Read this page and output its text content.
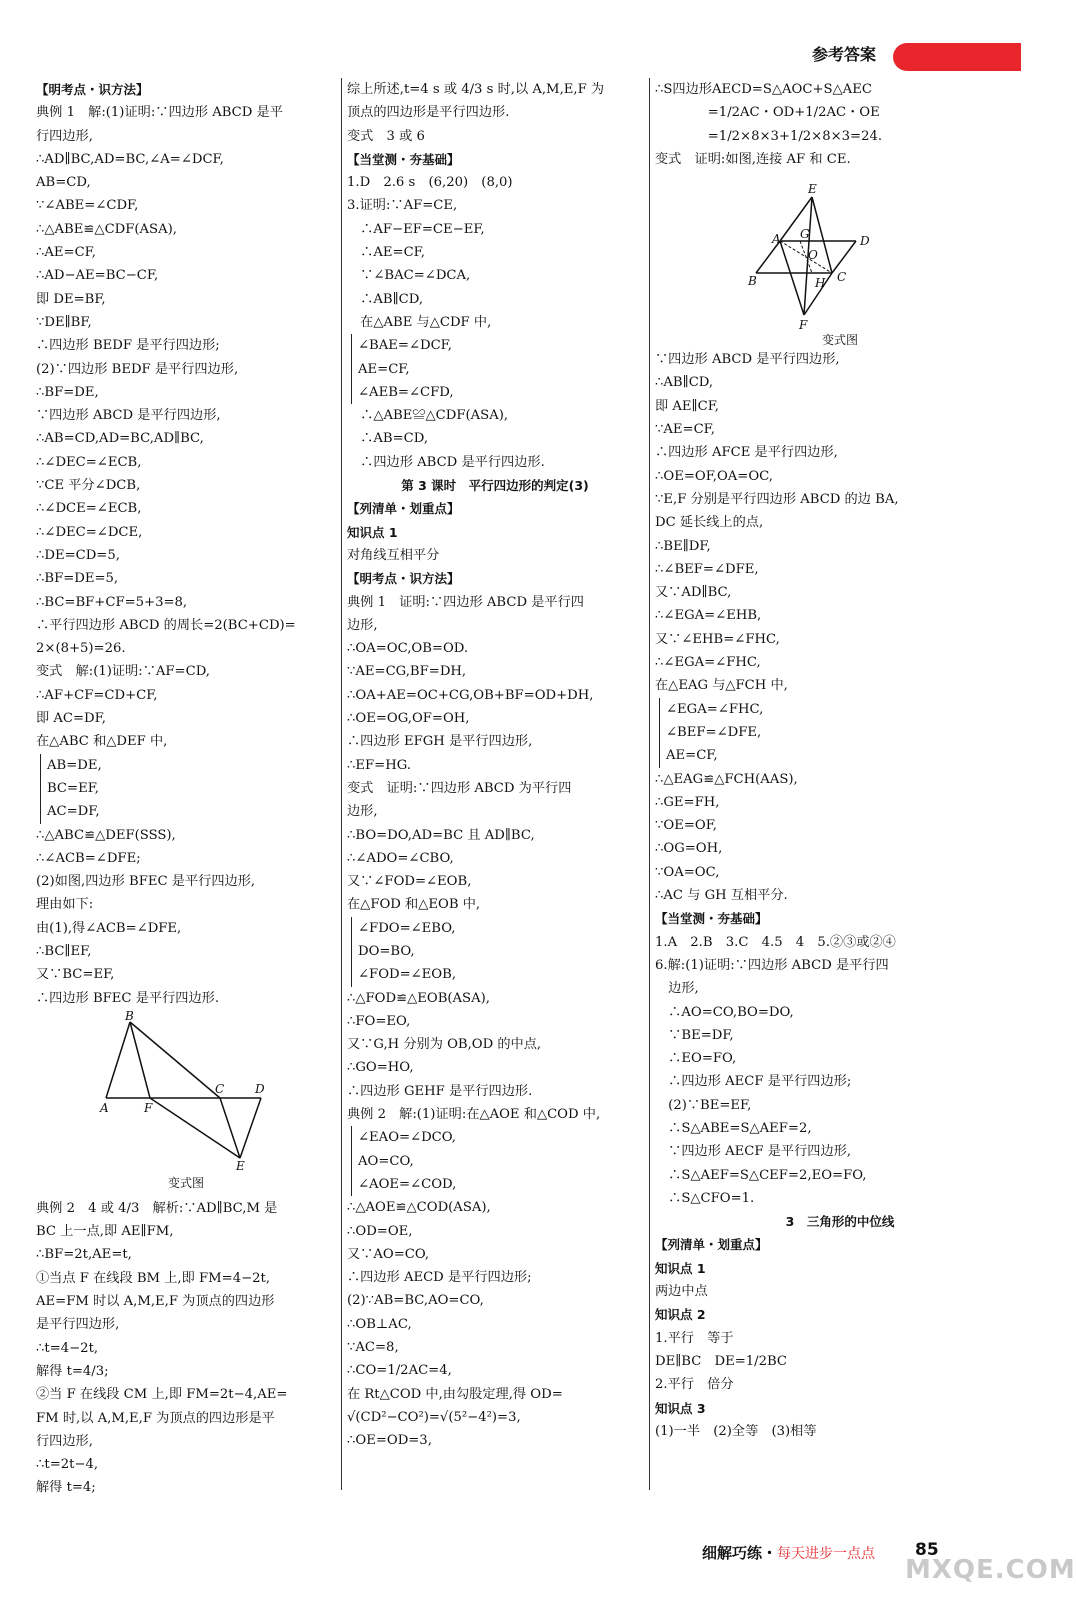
参考答案
【明考点・识方法】
典例 1　解:(1)证明:∵四边形 ABCD 是平
行四边形,
∴AD∥BC,AD=BC,∠A=∠DCF,
AB=CD,
∵∠ABE=∠CDF,
∴△ABE≌△CDF(ASA),
∴AE=CF,
∴AD−AE=BC−CF,
即 DE=BF,
∵DE∥BF,
∴四边形 BEDF 是平行四边形;
(2)∵四边形 BEDF 是平行四边形,
∴BF=DE,
∵四边形 ABCD 是平行四边形,
∴AB=CD,AD=BC,AD∥BC,
∴∠DEC=∠ECB,
∵CE 平分∠DCB,
∴∠DCE=∠ECB,
∴∠DEC=∠DCE,
∴DE=CD=5,
∴BF=DE=5,
∴BC=BF+CF=5+3=8,
∴平行四边形 ABCD 的周长=2(BC+CD)=
2×(8+5)=26.
变式　解:(1)证明:∵AF=CD,
∴AF+CF=CD+CF,
即 AC=DF,
在△ABC 和△DEF 中,
AB=DE,
BC=EF,
AC=DF,
∴△ABC≌△DEF(SSS),
∴∠ACB=∠DFE;
(2)如图,四边形 BFEC 是平行四边形,
理由如下:
由(1),得∠ACB=∠DFE,
∴BC∥EF,
又∵BC=EF,
∴四边形 BFEC 是平行四边形.
B
A	F
C	D
E
变式图
典例 2　4 或 4/3　解析:∵AD∥BC,M 是
BC 上一点,即 AE∥FM,
∴BF=2t,AE=t,
①当点 F 在线段 BM 上,即 FM=4−2t,
AE=FM 时以 A,M,E,F 为顶点的四边形
是平行四边形,
∴t=4−2t,
解得 t=4/3;
②当 F 在线段 CM 上,即 FM=2t−4,AE=
FM 时,以 A,M,E,F 为顶点的四边形是平
行四边形,
∴t=2t−4,
解得 t=4;
综上所述,t=4 s 或 4/3 s 时,以 A,M,E,F 为
顶点的四边形是平行四边形.
变式　3 或 6
【当堂测・夯基础】
1.D　2.6 s　(6,20)　(8,0)
3.证明:∵AF=CE,
　∴AF−EF=CE−EF,
　∴AE=CF,
　∵∠BAC=∠DCA,
　∴AB∥CD,
　在△ABE 与△CDF 中,
∠BAE=∠DCF,
AE=CF,
∠AEB=∠CFD,
　∴△ABE≌△CDF(ASA),
　∴AB=CD,
　∴四边形 ABCD 是平行四边形.
第 3 课时　平行四边形的判定(3)
【列清单・划重点】
知识点 1
对角线互相平分
【明考点・识方法】
典例 1　证明:∵四边形 ABCD 是平行四
边形,
∴OA=OC,OB=OD.
∵AE=CG,BF=DH,
∴OA+AE=OC+CG,OB+BF=OD+DH,
∴OE=OG,OF=OH,
∴四边形 EFGH 是平行四边形,
∴EF=HG.
变式　证明:∵四边形 ABCD 为平行四
边形,
∴BO=DO,AD=BC 且 AD∥BC,
∴∠ADO=∠CBO,
又∵∠FOD=∠EOB,
在△FOD 和△EOB 中,
∠FDO=∠EBO,
DO=BO,
∠FOD=∠EOB,
∴△FOD≌△EOB(ASA),
∴FO=EO,
又∵G,H 分别为 OB,OD 的中点,
∴GO=HO,
∴四边形 GEHF 是平行四边形.
典例 2　解:(1)证明:在△AOE 和△COD 中,
∠EAO=∠DCO,
AO=CO,
∠AOE=∠COD,
∴△AOE≌△COD(ASA),
∴OD=OE,
又∵AO=CO,
∴四边形 AECD 是平行四边形;
(2)∵AB=BC,AO=CO,
∴OB⊥AC,
∵AC=8,
∴CO=1/2AC=4,
在 Rt△COD 中,由勾股定理,得 OD=
√(CD²−CO²)=√(5²−4²)=3,
∴OE=OD=3,
∴S四边形AECD=S△AOC+S△AEC
　　　　=1/2AC・OD+1/2AC・OE
　　　　=1/2×8×3+1/2×8×3=24.
变式　证明:如图,连接 AF 和 CE.
E
A G
O
D
B	H C
F
变式图
∵四边形 ABCD 是平行四边形,
∴AB∥CD,
即 AE∥CF,
∵AE=CF,
∴四边形 AFCE 是平行四边形,
∴OE=OF,OA=OC,
∵E,F 分别是平行四边形 ABCD 的边 BA,
DC 延长线上的点,
∴BE∥DF,
∴∠BEF=∠DFE,
又∵AD∥BC,
∴∠EGA=∠EHB,
又∵∠EHB=∠FHC,
∴∠EGA=∠FHC,
在△EAG 与△FCH 中,
∠EGA=∠FHC,
∠BEF=∠DFE,
AE=CF,
∴△EAG≌△FCH(AAS),
∴GE=FH,
∵OE=OF,
∴OG=OH,
∵OA=OC,
∴AC 与 GH 互相平分.
【当堂测・夯基础】
1.A　2.B　3.C　4.5　4　5.②③或②④
6.解:(1)证明:∵四边形 ABCD 是平行四
　边形,
　∴AO=CO,BO=DO,
　∵BE=DF,
　∴EO=FO,
　∴四边形 AECF 是平行四边形;
　(2)∵BE=EF,
　∴S△ABE=S△AEF=2,
　∵四边形 AECF 是平行四边形,
　∴S△AEF=S△CEF=2,EO=FO,
　∴S△CFO=1.
3　三角形的中位线
【列清单・划重点】
知识点 1
两边中点
知识点 2
1.平行　等于
DE∥BC　DE=1/2BC
2.平行　倍分
知识点 3
(1)一半　(2)全等　(3)相等
细解巧练・每天进步一点点 85
MXQE.COM
